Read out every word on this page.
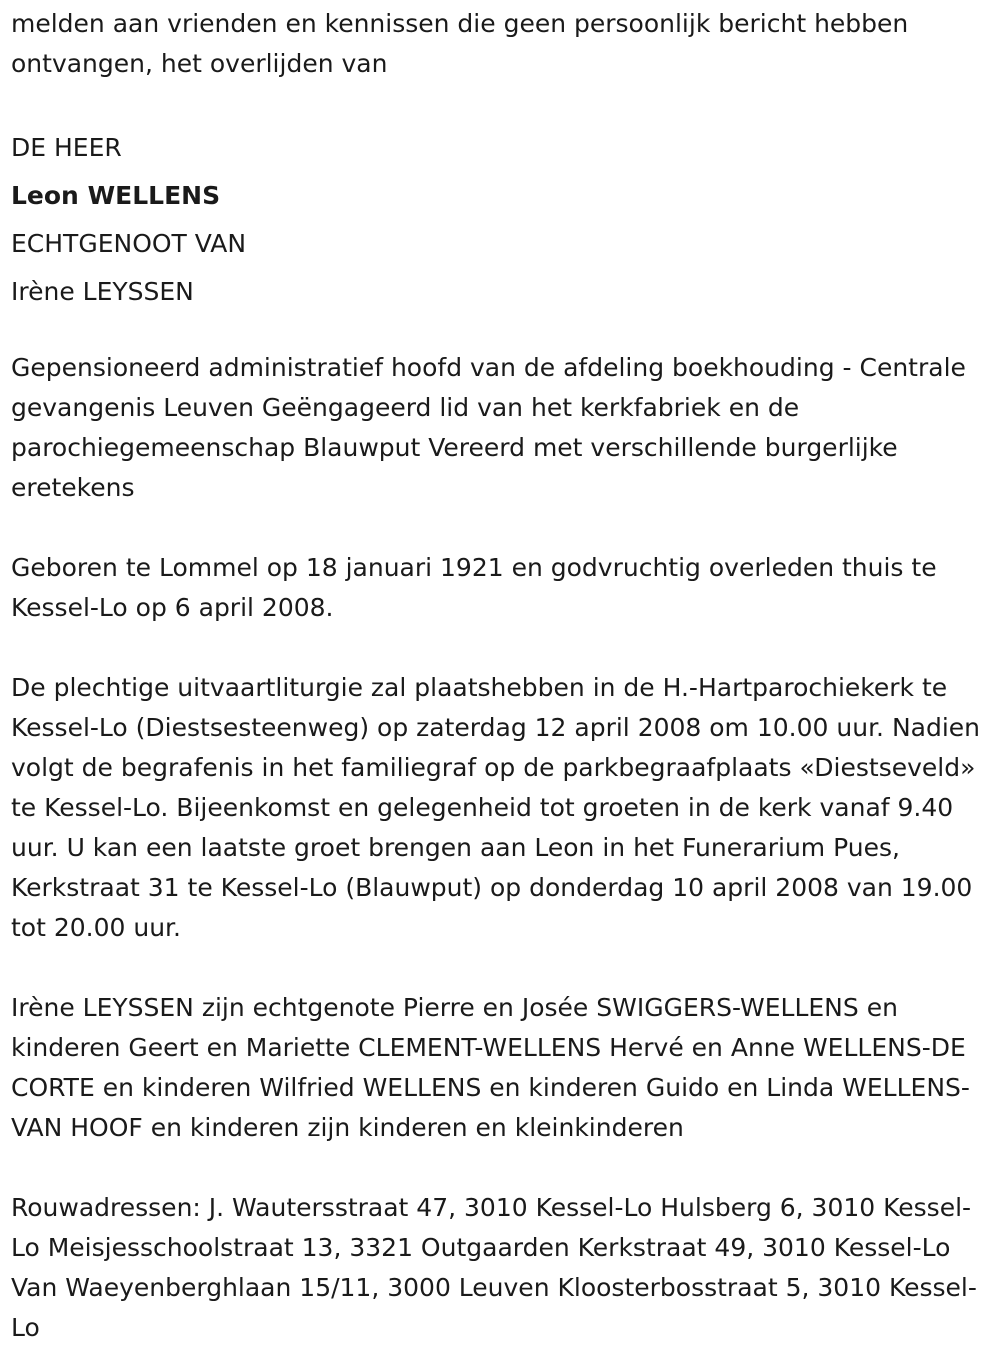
melden aan vrienden en kennissen die geen persoonlijk bericht hebben ontvangen, het overlijden van

DE HEER

Leon WELLENS

ECHTGENOOT VAN

Irène LEYSSEN

Gepensioneerd administratief hoofd van de afdeling boekhouding - Centrale gevangenis Leuven Geëngageerd lid van het kerkfabriek en de parochiegemeenschap Blauwput Vereerd met verschillende burgerlijke eretekens

Geboren te Lommel op 18 januari 1921 en godvruchtig overleden thuis te Kessel-Lo op 6 april 2008.

De plechtige uitvaartliturgie zal plaatshebben in de H.-Hartparochiekerk te Kessel-Lo (Diestsesteenweg) op zaterdag 12 april 2008 om 10.00 uur. Nadien volgt de begrafenis in het familiegraf op de parkbegraafplaats «Diestseveld» te Kessel-Lo. Bijeenkomst en gelegenheid tot groeten in de kerk vanaf 9.40 uur. U kan een laatste groet brengen aan Leon in het Funerarium Pues, Kerkstraat 31 te Kessel-Lo (Blauwput) op donderdag 10 april 2008 van 19.00 tot 20.00 uur.

Irène LEYSSEN zijn echtgenote Pierre en Josée SWIGGERS-WELLENS en kinderen Geert en Mariette CLEMENT-WELLENS Hervé en Anne WELLENS-DE CORTE en kinderen Wilfried WELLENS en kinderen Guido en Linda WELLENS-VAN HOOF en kinderen zijn kinderen en kleinkinderen

Rouwadressen: J. Wautersstraat 47, 3010 Kessel-Lo Hulsberg 6, 3010 Kessel-Lo Meisjesschoolstraat 13, 3321 Outgaarden Kerkstraat 49, 3010 Kessel-Lo Van Waeyenberghlaan 15/11, 3000 Leuven Kloosterbosstraat 5, 3010 Kessel-Lo
